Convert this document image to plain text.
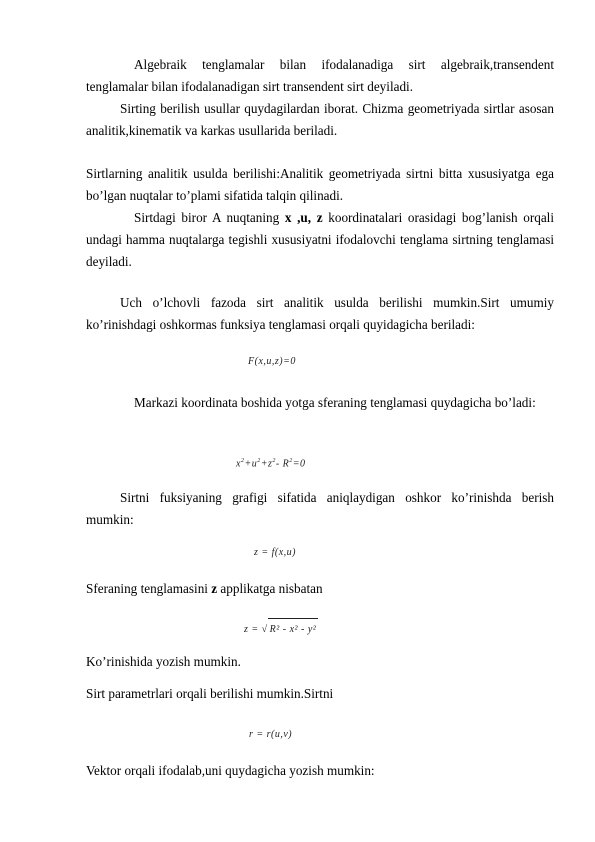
Algebraik tenglamalar bilan ifodalanadiga sirt algebraik,transendent tenglamalar bilan ifodalanadigan sirt transendent sirt deyiladi.

Sirting berilish usullar quydagilardan iborat. Chizma geometriyada sirtlar asosan analitik,kinematik va karkas usullarida beriladi.

Sirtlarning analitik usulda berilishi:Analitik geometriyada sirtni bitta xususiyatga ega bo’lgan nuqtalar to’plami sifatida talqin qilinadi.

Sirtdagi biror A nuqtaning x ,u, z koordinatalari orasidagi bog’lanish orqali undagi hamma nuqtalarga tegishli xususiyatni ifodalovchi tenglama sirtning tenglamasi deyiladi.

Uch o’lchovli fazoda sirt analitik usulda berilishi mumkin.Sirt umumiy ko’rinishdagi oshkormas funksiya tenglamasi orqali quyidagicha beriladi:

F(x,u,z)=0

Markazi koordinata boshida yotga sferaning tenglamasi quydagicha bo’ladi:

$x^2+u^2+z^2-$ $R^2=0$

Sirtni fuksiyaning grafigi sifatida aniqlaydigan oshkor ko’rinishda berish mumkin:

z = f(x,u)

Sferaning tenglamasini z applikatga nisbatan

z = √ R² - x² - y²

Ko’rinishida yozish mumkin.

Sirt parametrlari orqali berilishi mumkin.Sirtni

r = r(u,ν)

Vektor orqali ifodalab,uni quydagicha yozish mumkin:
